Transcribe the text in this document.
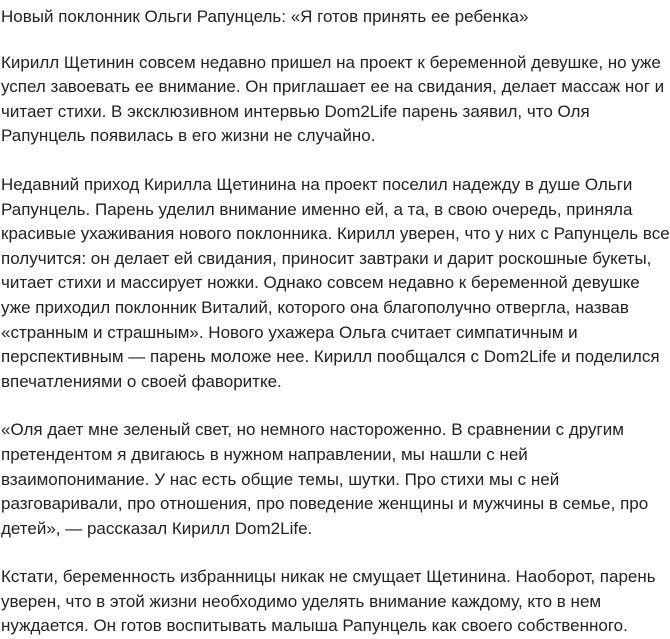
Новый поклонник Ольги Рапунцель: «Я готов принять ее ребенка»

Кирилл Щетинин совсем недавно пришел на проект к беременной девушке, но уже успел завоевать ее внимание. Он приглашает ее на свидания, делает массаж ног и читает стихи. В эксклюзивном интервью Dom2Life парень заявил, что Оля Рапунцель появилась в его жизни не случайно.

Недавний приход Кирилла Щетинина на проект поселил надежду в душе Ольги Рапунцель. Парень уделил внимание именно ей, а та, в свою очередь, приняла красивые ухаживания нового поклонника. Кирилл уверен, что у них с Рапунцель все получится: он делает ей свидания, приносит завтраки и дарит роскошные букеты, читает стихи и массирует ножки. Однако совсем недавно к беременной девушке уже приходил поклонник Виталий, которого она благополучно отвергла, назвав «странным и страшным». Нового ухажера Ольга считает симпатичным и перспективным — парень моложе нее. Кирилл пообщался с Dom2Life и поделился впечатлениями о своей фаворитке.

«Оля дает мне зеленый свет, но немного настороженно. В сравнении с другим претендентом я двигаюсь в нужном направлении, мы нашли с ней взаимопонимание. У нас есть общие темы, шутки. Про стихи мы с ней разговаривали, про отношения, про поведение женщины и мужчины в семье, про детей», — рассказал Кирилл Dom2Life.

Кстати, беременность избранницы никак не смущает Щетинина. Наоборот, парень уверен, что в этой жизни необходимо уделять внимание каждому, кто в нем нуждается. Он готов воспитывать малыша Рапунцель как своего собственного.
